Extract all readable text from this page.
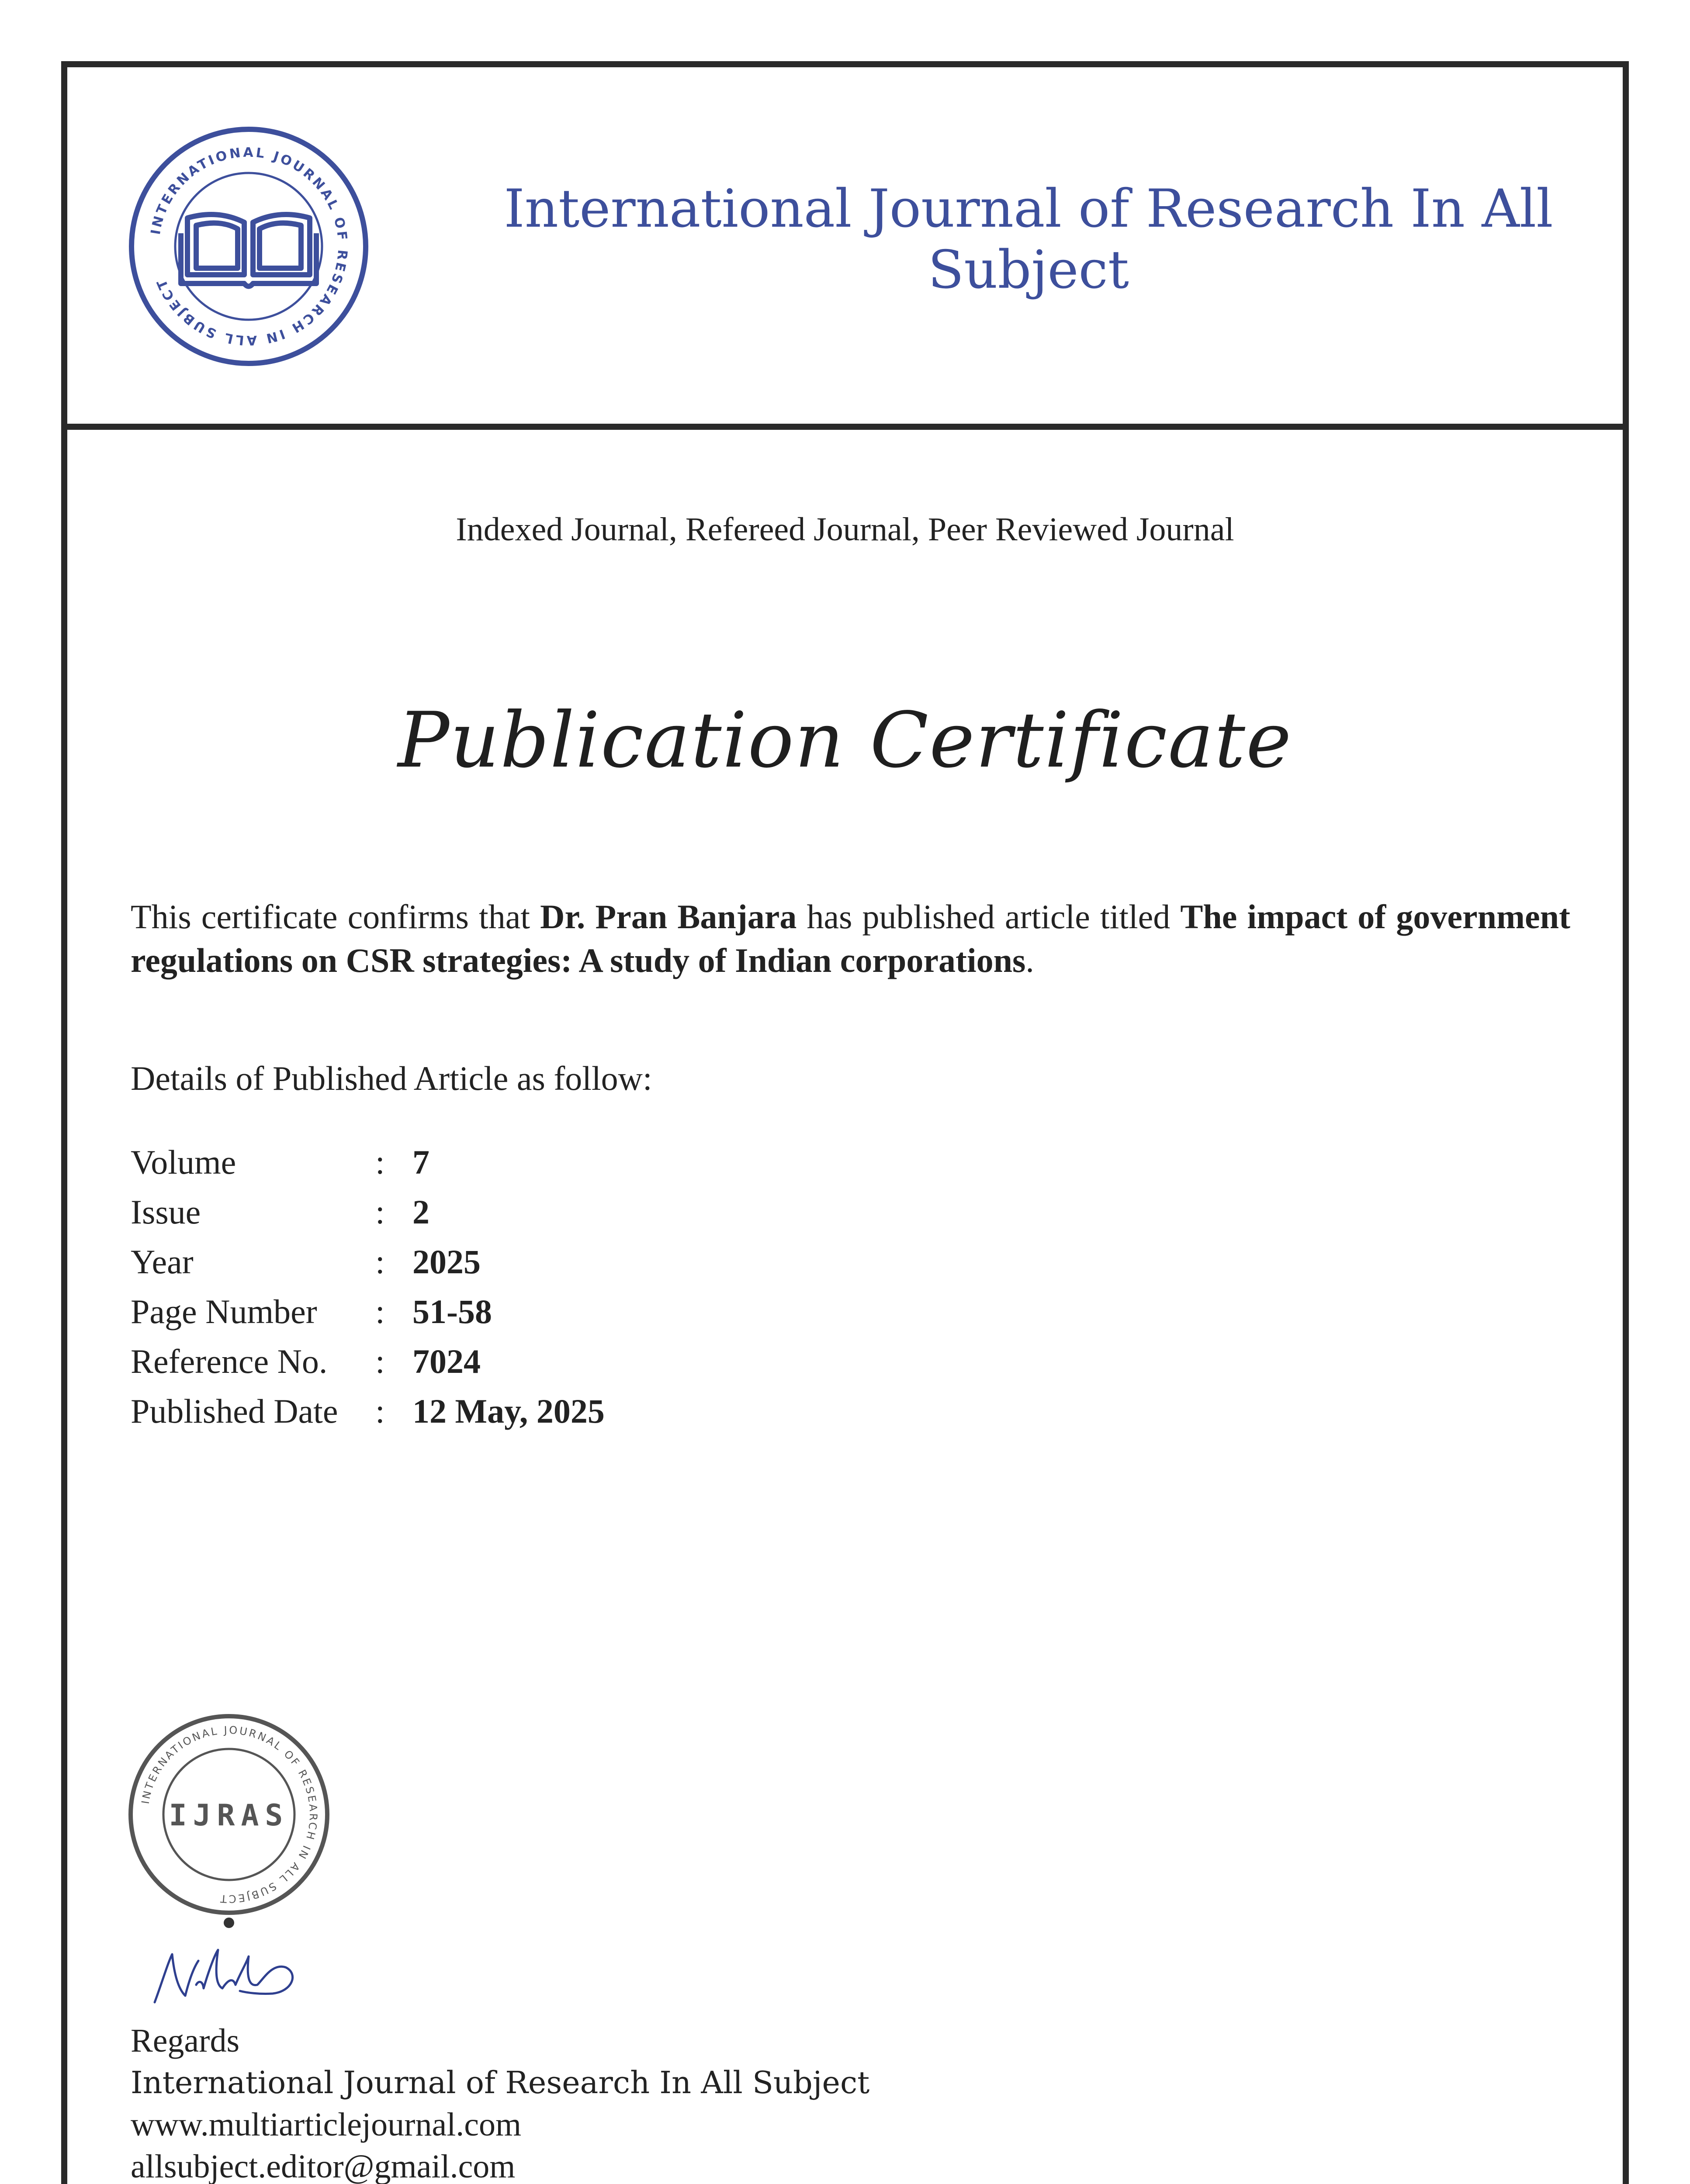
INTERNATIONAL JOURNAL OF RESEARCH IN ALL SUBJECT
International Journal of Research In All Subject
Indexed Journal, Refereed Journal, Peer Reviewed Journal
Publication Certificate
This certificate confirms that Dr. Pran Banjara has published article titled The impact of government regulations on CSR strategies: A study of Indian corporations.
Details of Published Article as follow:
Volume	:	7
Issue	:	2
Year	:	2025
Page Number	:	51-58
Reference No.	:	7024
Published Date	:	12 May, 2025
INTERNATIONAL JOURNAL OF RESEARCH IN ALL SUBJECT
IJRAS
Regards
International Journal of Research In All Subject
www.multiarticlejournal.com
allsubject.editor@gmail.com
